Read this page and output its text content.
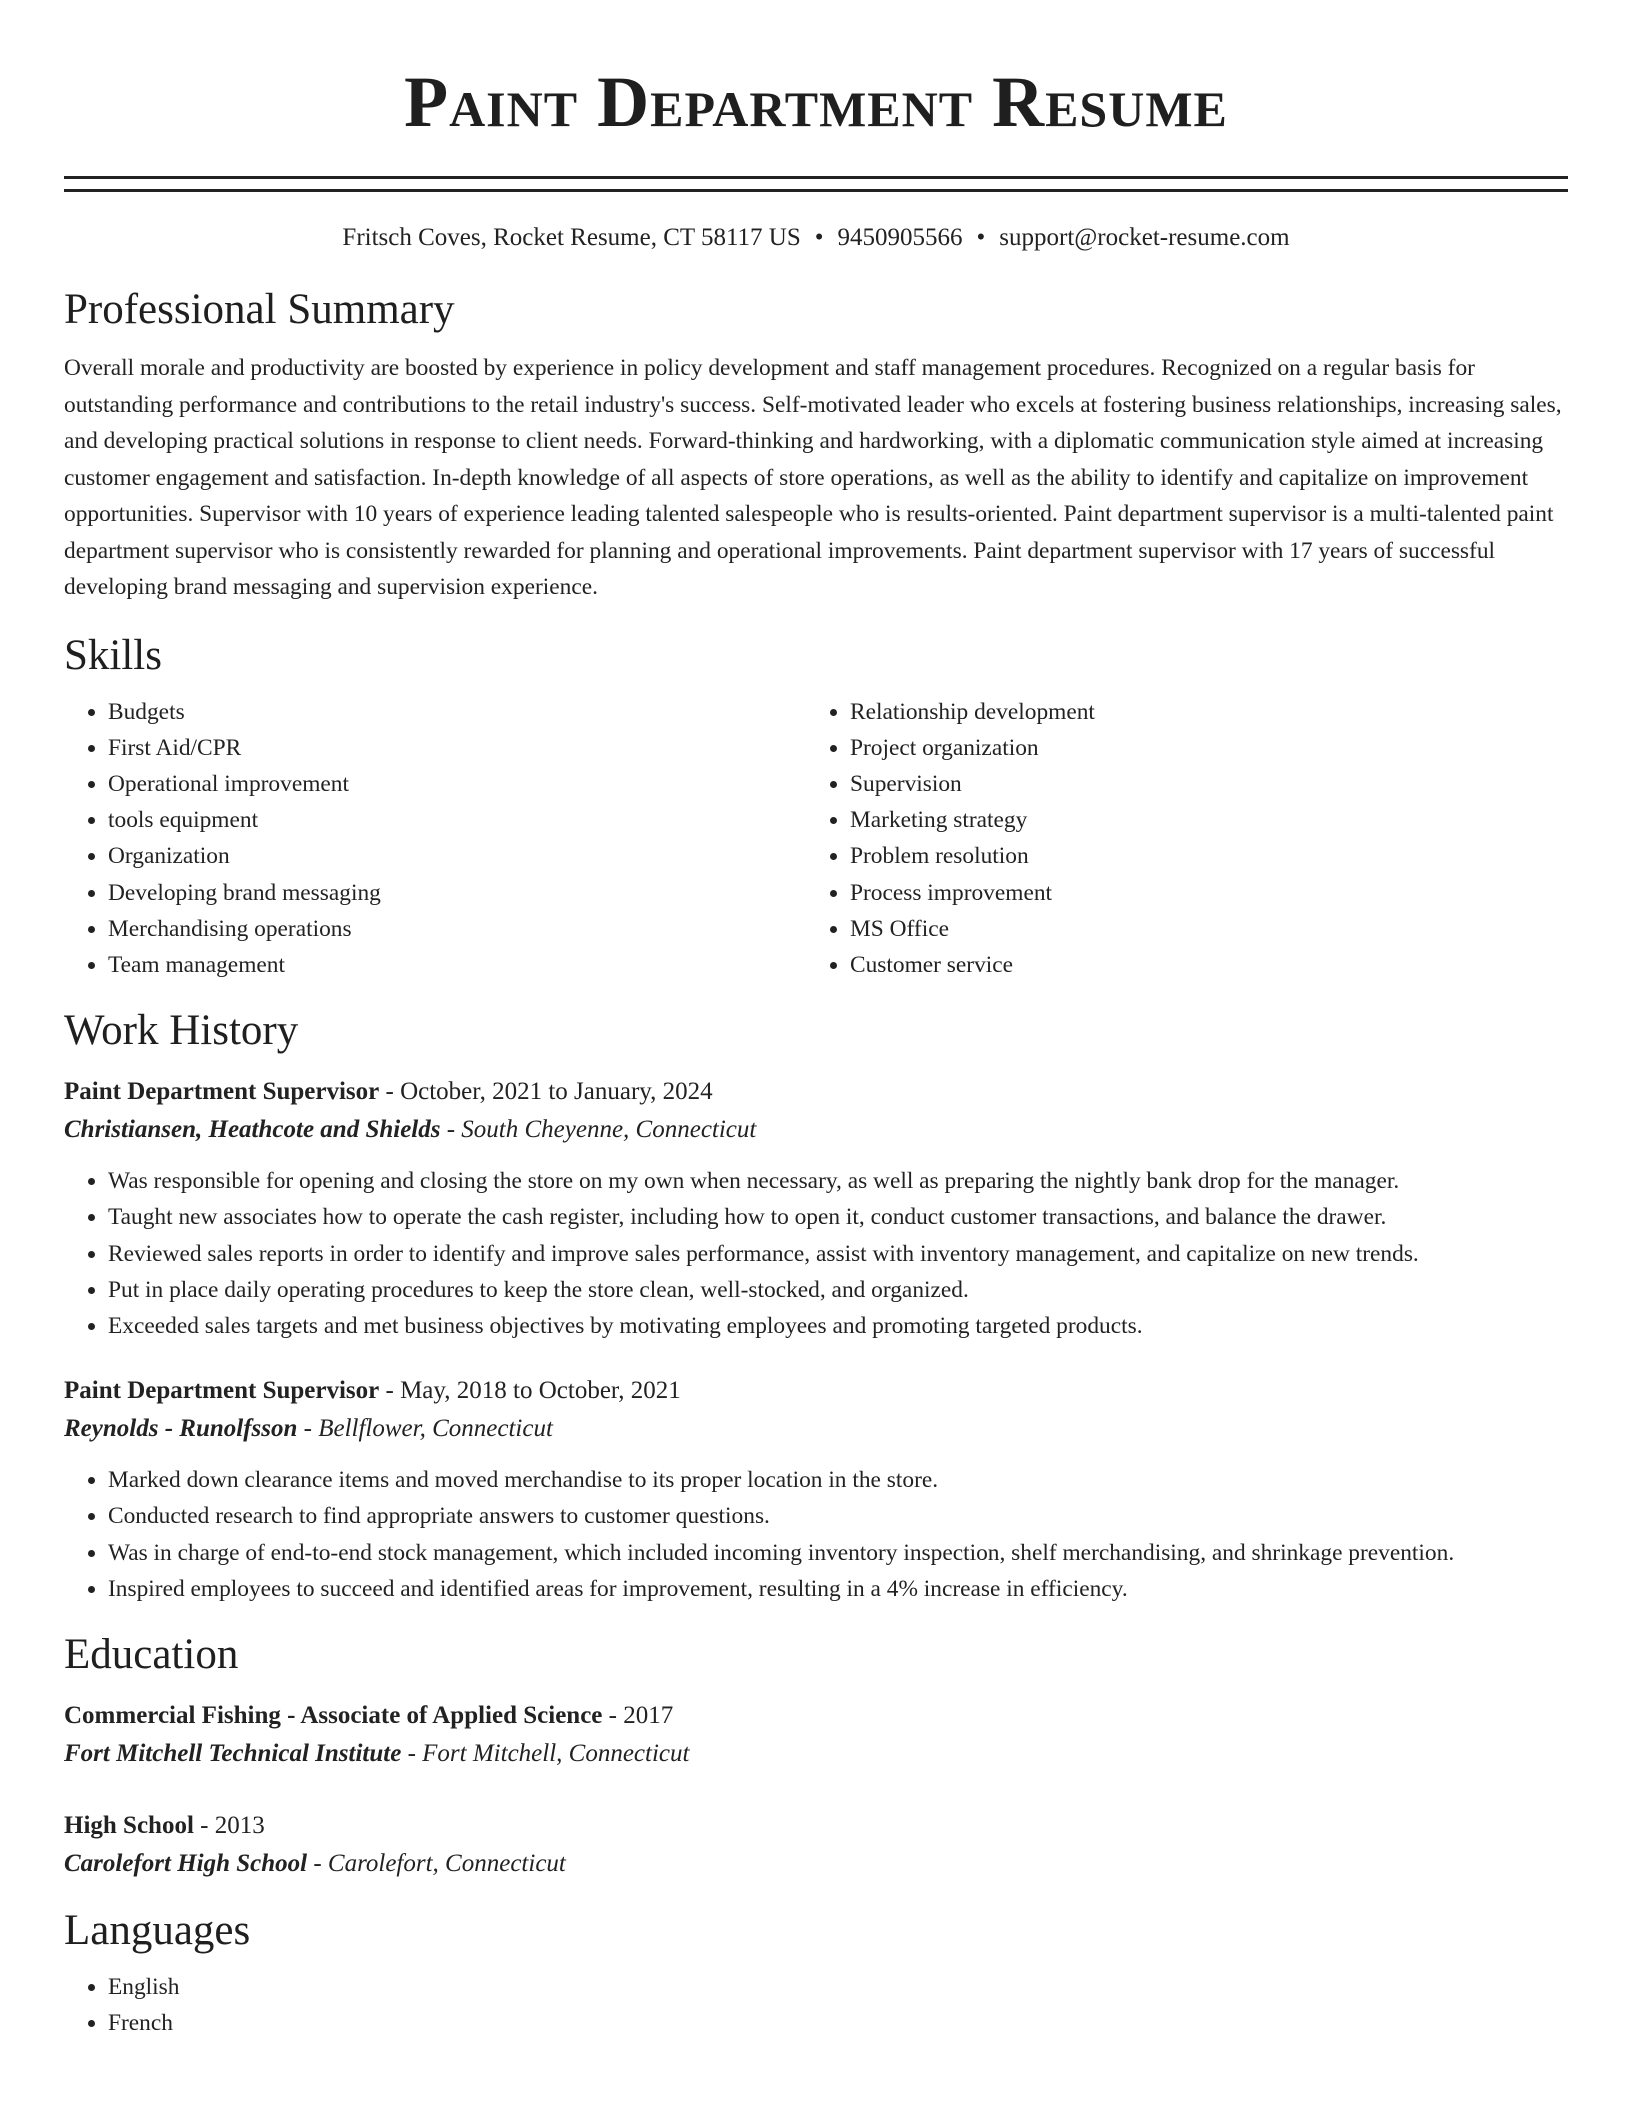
Paint Department Resume
Fritsch Coves, Rocket Resume, CT 58117 US • 9450905566 • support@rocket-resume.com
Professional Summary

Overall morale and productivity are boosted by experience in policy development and staff management procedures. Recognized on a regular basis for outstanding performance and contributions to the retail industry's success. Self-motivated leader who excels at fostering business relationships, increasing sales, and developing practical solutions in response to client needs. Forward-thinking and hardworking, with a diplomatic communication style aimed at increasing customer engagement and satisfaction. In-depth knowledge of all aspects of store operations, as well as the ability to identify and capitalize on improvement opportunities. Supervisor with 10 years of experience leading talented salespeople who is results-oriented. Paint department supervisor is a multi-talented paint department supervisor who is consistently rewarded for planning and operational improvements. Paint department supervisor with 17 years of successful developing brand messaging and supervision experience.

Skills
• Budgets
• First Aid/CPR
• Operational improvement
• tools equipment
• Organization
• Developing brand messaging
• Merchandising operations
• Team management
• Relationship development
• Project organization
• Supervision
• Marketing strategy
• Problem resolution
• Process improvement
• MS Office
• Customer service
Work History
Paint Department Supervisor - October, 2021 to January, 2024
Christiansen, Heathcote and Shields - South Cheyenne, Connecticut
• Was responsible for opening and closing the store on my own when necessary, as well as preparing the nightly bank drop for the manager.
• Taught new associates how to operate the cash register, including how to open it, conduct customer transactions, and balance the drawer.
• Reviewed sales reports in order to identify and improve sales performance, assist with inventory management, and capitalize on new trends.
• Put in place daily operating procedures to keep the store clean, well-stocked, and organized.
• Exceeded sales targets and met business objectives by motivating employees and promoting targeted products.
Paint Department Supervisor - May, 2018 to October, 2021
Reynolds - Runolfsson - Bellflower, Connecticut
• Marked down clearance items and moved merchandise to its proper location in the store.
• Conducted research to find appropriate answers to customer questions.
• Was in charge of end-to-end stock management, which included incoming inventory inspection, shelf merchandising, and shrinkage prevention.
• Inspired employees to succeed and identified areas for improvement, resulting in a 4% increase in efficiency.
Education
Commercial Fishing - Associate of Applied Science - 2017
Fort Mitchell Technical Institute - Fort Mitchell, Connecticut
High School - 2013
Carolefort High School - Carolefort, Connecticut
Languages
• English
• French
